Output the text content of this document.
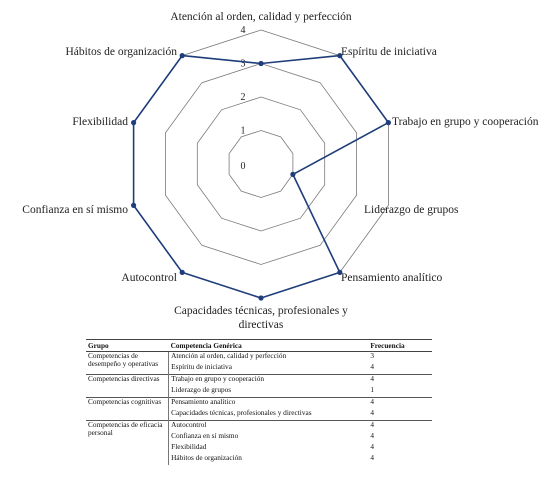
0
1
2
3
4
Atención al orden, calidad y perfección
Espíritu de iniciativa
Trabajo en grupo y cooperación
Liderazgo de grupos
Pensamiento analítico
Capacidades técnicas, profesionales y directivas
Autocontrol
Confianza en sí mismo
Flexibilidad
Hábitos de organización
Grupo	Competencia Genérica	Frecuencia
Competencias de desempeño y operativas	Atención al orden, calidad y perfección	3
	Espíritu de iniciativa	4
Competencias directivas	Trabajo en grupo y cooperación	4
	Liderazgo de grupos	1
Competencias cognitivas	Pensamiento analítico	4
	Capacidades técnicas, profesionales y directivas	4
Competencias de eficacia personal	Autocontrol	4
	Confianza en sí mismo	4
	Flexibilidad	4
	Hábitos de organización	4
